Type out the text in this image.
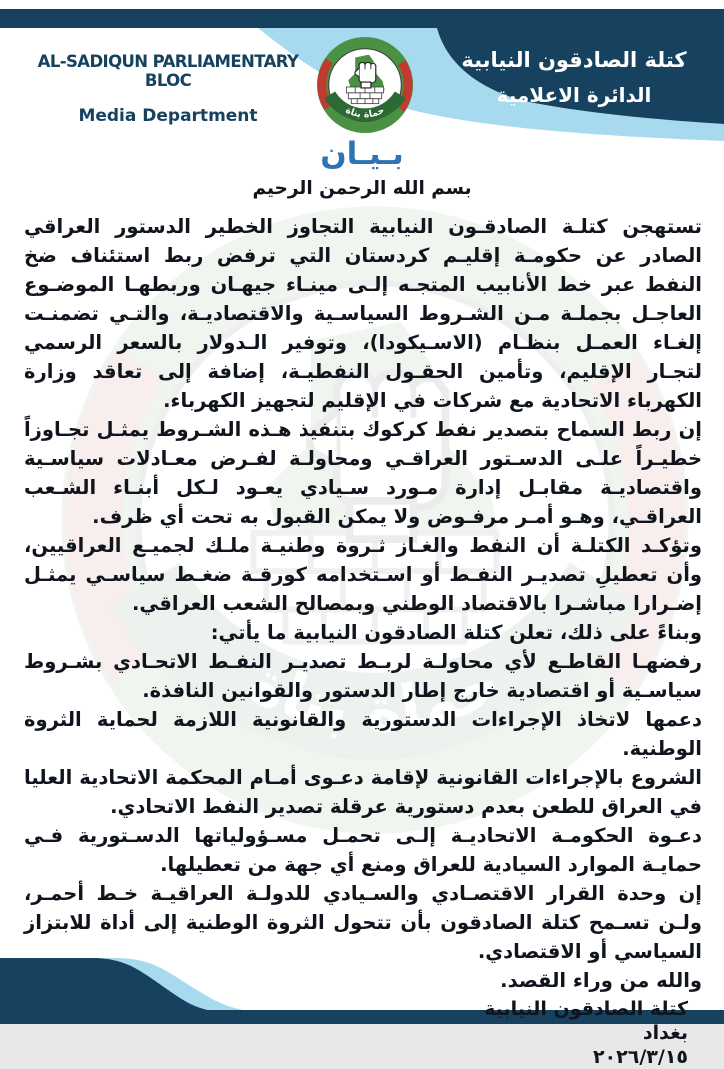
AL-SADIQUN PARLIAMENTARY BLOC
Media Department
كتلة الصادقون النيابية
الدائرة الاعلامية
بـيـان
بسم الله الرحمن الرحيم

تستهجن كتلـة الصادقـون النيابية التجاوز الخطير الدستور العراقي الصادر عن حكومـة إقليـم كردستان التي ترفض ربط استئناف ضخ النفط عبر خط الأنابيب المتجـه إلـى مينـاء جيهـان وربطهـا الموضـوع العاجـل بجملـة مـن الشـروط السياسـية والاقتصاديـة، والتـي تضمنـت إلغـاء العمـل بنظـام (الاسـيكودا)، وتوفير الـدولار بالسعر الرسمي لتجـار الإقليم، وتأمين الحقـول النفطيـة، إضافة إلى تعاقد وزارة الكهرباء الاتحادية مع شركات في الإقليم لتجهيز الكهرباء.

إن ربط السماح بتصدير نفط كركوك بتنفيذ هـذه الشـروط يمثـل تجـاوزاً خطيـراً علـى الدسـتور العراقـي ومحاولـة لفـرض معـادلات سياسـية واقتصاديـة مقابـل إدارة مـورد سـيادي يعـود لـكل أبنـاء الشـعب العراقـي، وهـو أمـر مرفـوض ولا يمكن القبول به تحت أي ظرف.

وتؤكـد الكتلـة أن النفط والغـاز ثـروة وطنيـة ملـك لجميـع العراقيين، وأن تعطيلِ تصديـر النفـط أو اسـتخدامه كورقـة ضغـط سياسـي يمثـل إضـرارا مباشـرا بالاقتصاد الوطني وبمصالح الشعب العراقي.

وبناءً على ذلك، تعلن كتلة الصادقون النيابية ما يأتي:

رفضهـا القاطـع لأي محاولـة لربـط تصديـر النفـط الاتحـادي بشـروط سياسـية أو اقتصادية خارج إطار الدستور والقوانين النافذة.

دعمها لاتخاذ الإجراءات الدستورية والقانونية اللازمة لحماية الثروة الوطنية.

الشروع بالإجراءات القانونية لإقامة دعـوى أمـام المحكمة الاتحادية العليا في العراق للطعن بعدم دستورية عرقلة تصدير النفط الاتحادي.

دعـوة الحكومـة الاتحاديـة إلـى تحمـل مسـؤولياتها الدسـتورية فـي حمايـة الموارد السيادية للعراق ومنع أي جهة من تعطيلها.

إن وحدة القرار الاقتصـادي والسـيادي للدولـة العراقيـة خـط أحمـر، ولـن تسـمح كتلة الصادقون بأن تتحول الثروة الوطنية إلى أداة للابتزاز السياسي أو الاقتصادي.

والله من وراء القصد.

كتلة الصادقون النيابية
بغداد
٢٠٢٦/٣/١٥
